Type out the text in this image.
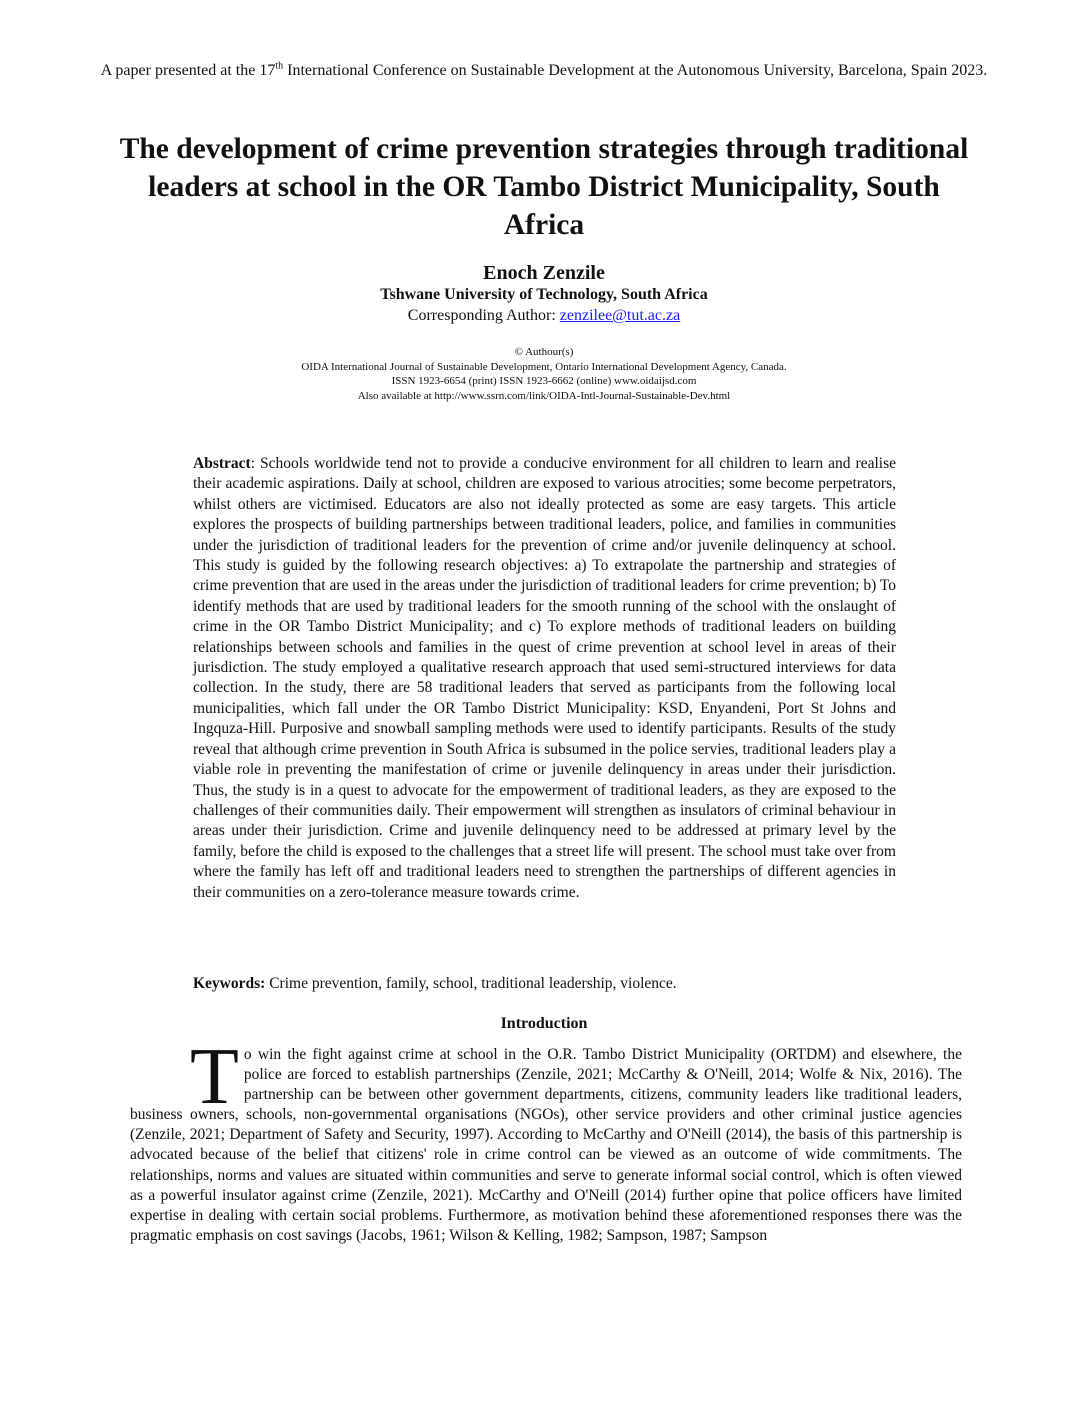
A paper presented at the 17th International Conference on Sustainable Development at the Autonomous University, Barcelona, Spain 2023.
The development of crime prevention strategies through traditional leaders at school in the OR Tambo District Municipality, South Africa
Enoch Zenzile
Tshwane University of Technology, South Africa
Corresponding Author: zenzilee@tut.ac.za
© Authour(s)
OIDA International Journal of Sustainable Development, Ontario International Development Agency, Canada.
ISSN 1923-6654 (print) ISSN 1923-6662 (online) www.oidaijsd.com
Also available at http://www.ssrn.com/link/OIDA-Intl-Journal-Sustainable-Dev.html

Abstract: Schools worldwide tend not to provide a conducive environment for all children to learn and realise their academic aspirations. Daily at school, children are exposed to various atrocities; some become perpetrators, whilst others are victimised. Educators are also not ideally protected as some are easy targets. This article explores the prospects of building partnerships between traditional leaders, police, and families in communities under the jurisdiction of traditional leaders for the prevention of crime and/or juvenile delinquency at school. This study is guided by the following research objectives: a) To extrapolate the partnership and strategies of crime prevention that are used in the areas under the jurisdiction of traditional leaders for crime prevention; b) To identify methods that are used by traditional leaders for the smooth running of the school with the onslaught of crime in the OR Tambo District Municipality; and c) To explore methods of traditional leaders on building relationships between schools and families in the quest of crime prevention at school level in areas of their jurisdiction. The study employed a qualitative research approach that used semi-structured interviews for data collection. In the study, there are 58 traditional leaders that served as participants from the following local municipalities, which fall under the OR Tambo District Municipality: KSD, Enyandeni, Port St Johns and Ingquza-Hill. Purposive and snowball sampling methods were used to identify participants. Results of the study reveal that although crime prevention in South Africa is subsumed in the police servies, traditional leaders play a viable role in preventing the manifestation of crime or juvenile delinquency in areas under their jurisdiction. Thus, the study is in a quest to advocate for the empowerment of traditional leaders, as they are exposed to the challenges of their communities daily. Their empowerment will strengthen as insulators of criminal behaviour in areas under their jurisdiction. Crime and juvenile delinquency need to be addressed at primary level by the family, before the child is exposed to the challenges that a street life will present. The school must take over from where the family has left off and traditional leaders need to strengthen the partnerships of different agencies in their communities on a zero-tolerance measure towards crime.

Keywords: Crime prevention, family, school, traditional leadership, violence.

Introduction

To win the fight against crime at school in the O.R. Tambo District Municipality (ORTDM) and elsewhere, the police are forced to establish partnerships (Zenzile, 2021; McCarthy & O'Neill, 2014; Wolfe & Nix, 2016). The partnership can be between other government departments, citizens, community leaders like traditional leaders, business owners, schools, non-governmental organisations (NGOs), other service providers and other criminal justice agencies (Zenzile, 2021; Department of Safety and Security, 1997). According to McCarthy and O'Neill (2014), the basis of this partnership is advocated because of the belief that citizens' role in crime control can be viewed as an outcome of wide commitments. The relationships, norms and values are situated within communities and serve to generate informal social control, which is often viewed as a powerful insulator against crime (Zenzile, 2021). McCarthy and O'Neill (2014) further opine that police officers have limited expertise in dealing with certain social problems. Furthermore, as motivation behind these aforementioned responses there was the pragmatic emphasis on cost savings (Jacobs, 1961; Wilson & Kelling, 1982; Sampson, 1987; Sampson
